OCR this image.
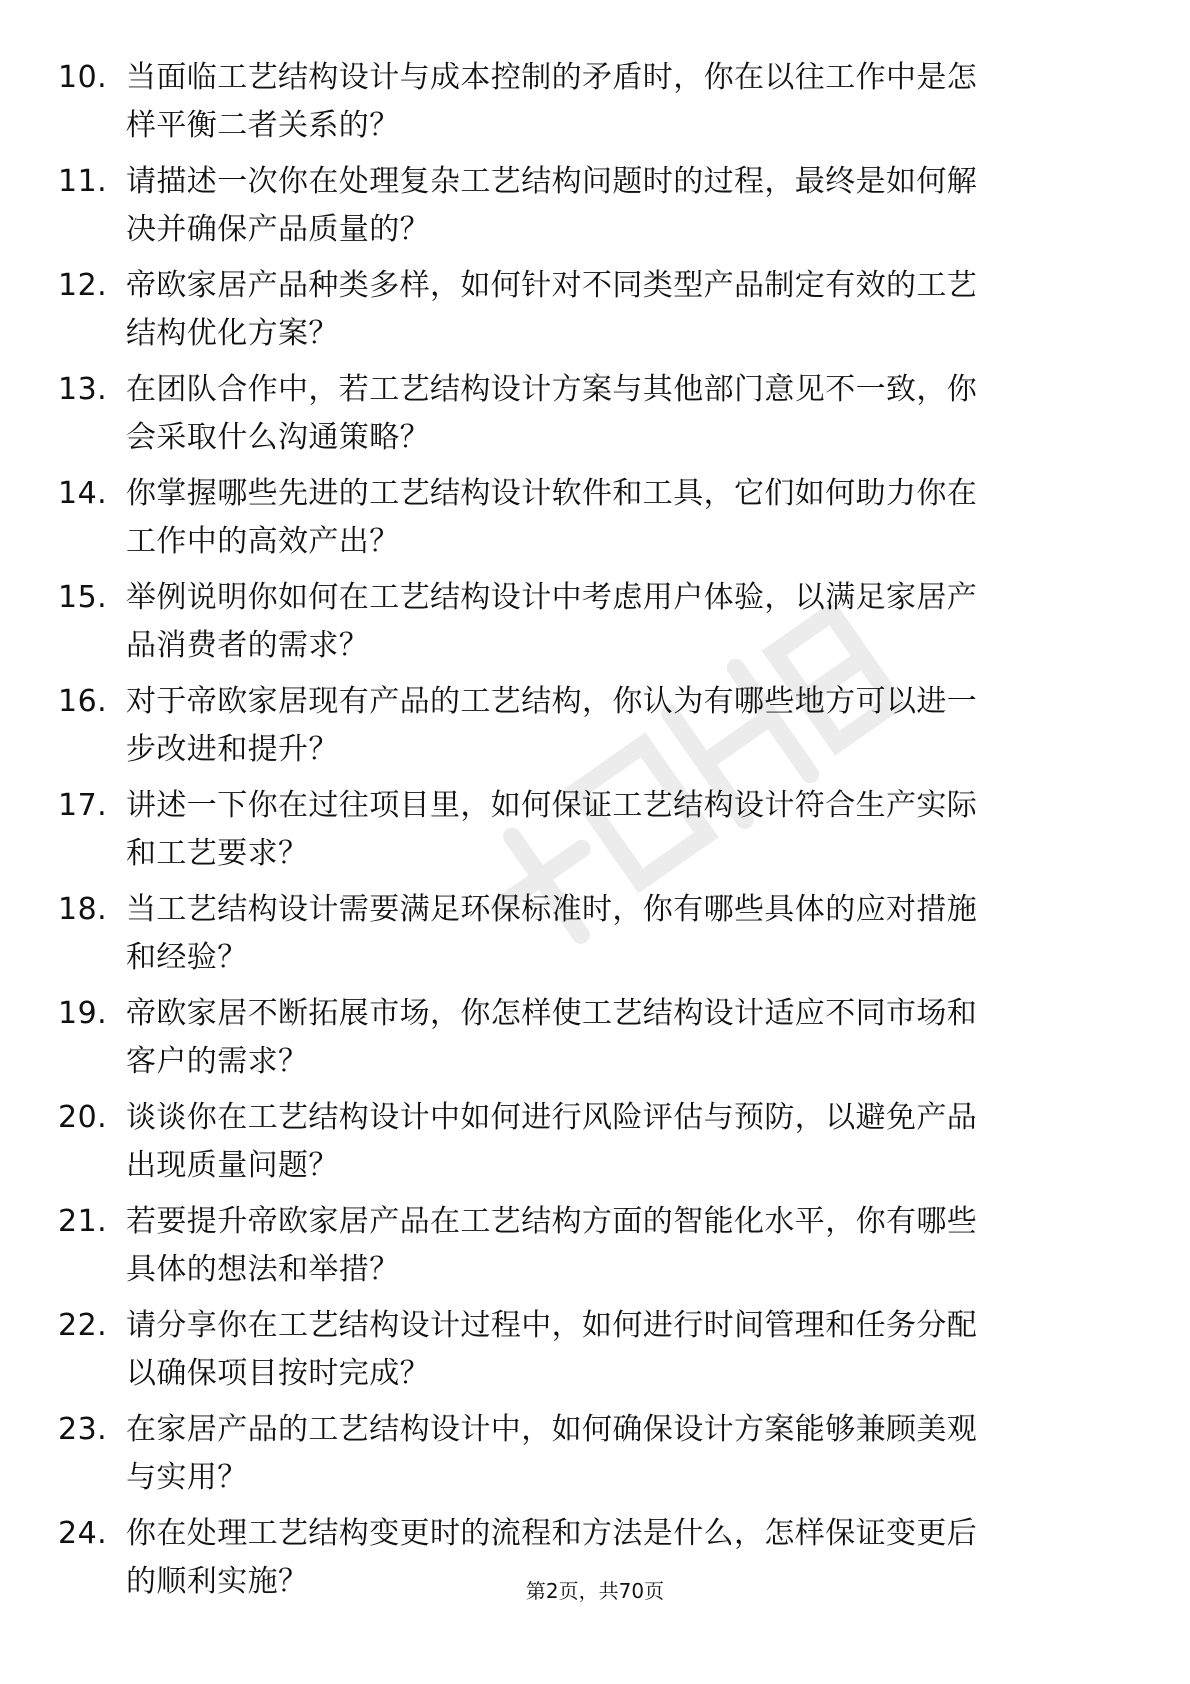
10. 当面临工艺结构设计与成本控制的矛盾时，你在以往工作中是怎
样平衡二者关系的？
11. 请描述一次你在处理复杂工艺结构问题时的过程，最终是如何解
决并确保产品质量的？
12. 帝欧家居产品种类多样，如何针对不同类型产品制定有效的工艺
结构优化方案？
13. 在团队合作中，若工艺结构设计方案与其他部门意见不一致，你
会采取什么沟通策略？
14. 你掌握哪些先进的工艺结构设计软件和工具，它们如何助力你在
工作中的高效产出？
15. 举例说明你如何在工艺结构设计中考虑用户体验，以满足家居产
品消费者的需求？
16. 对于帝欧家居现有产品的工艺结构，你认为有哪些地方可以进一
步改进和提升？
17. 讲述一下你在过往项目里，如何保证工艺结构设计符合生产实际
和工艺要求？
18. 当工艺结构设计需要满足环保标准时，你有哪些具体的应对措施
和经验？
19. 帝欧家居不断拓展市场，你怎样使工艺结构设计适应不同市场和
客户的需求？
20. 谈谈你在工艺结构设计中如何进行风险评估与预防，以避免产品
出现质量问题？
21. 若要提升帝欧家居产品在工艺结构方面的智能化水平，你有哪些
具体的想法和举措？
22. 请分享你在工艺结构设计过程中，如何进行时间管理和任务分配
以确保项目按时完成？
23. 在家居产品的工艺结构设计中，如何确保设计方案能够兼顾美观
与实用？
24. 你在处理工艺结构变更时的流程和方法是什么，怎样保证变更后
的顺利实施？	第2页，共70页
